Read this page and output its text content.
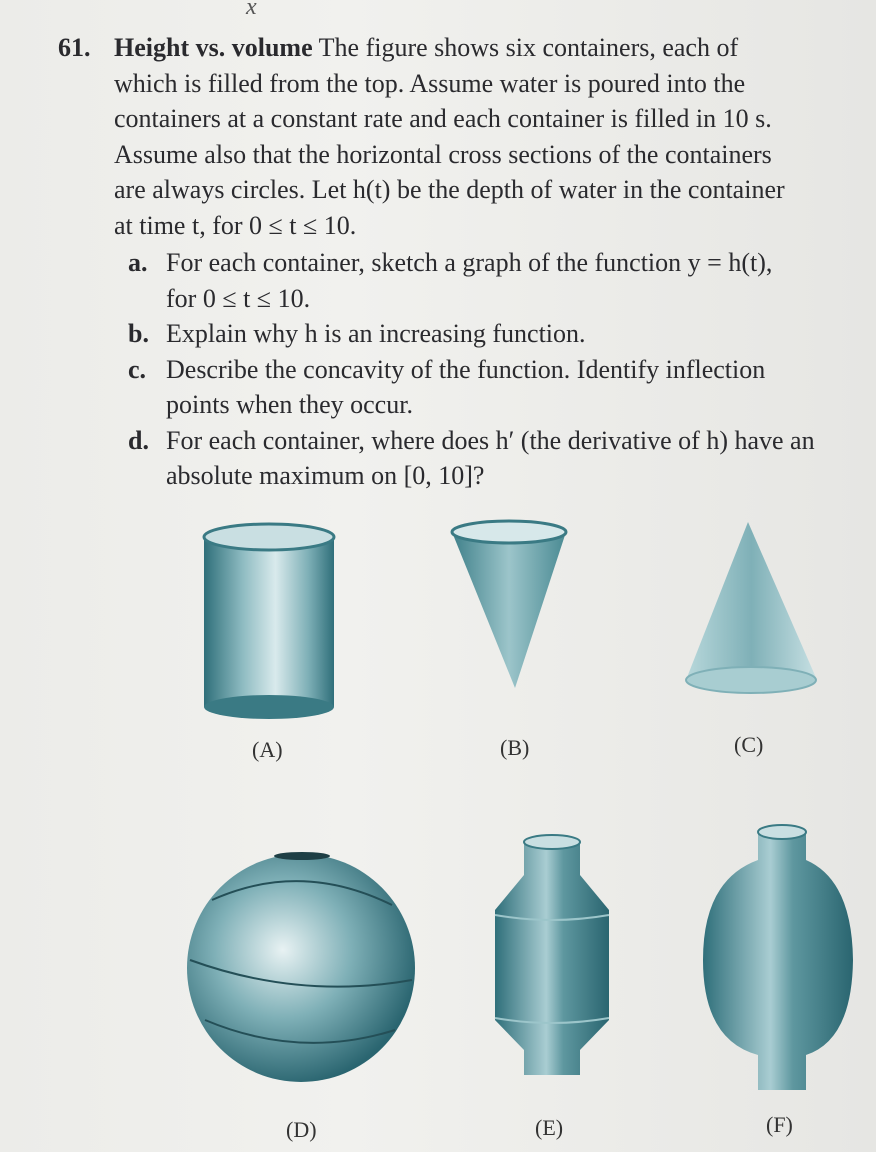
x
61. Height vs. volume The figure shows six containers, each of
which is filled from the top. Assume water is poured into the
containers at a constant rate and each container is filled in 10 s.
Assume also that the horizontal cross sections of the containers
are always circles. Let h(t) be the depth of water in the container
at time t, for 0 ≤ t ≤ 10.
a. For each container, sketch a graph of the function y = h(t),
for 0 ≤ t ≤ 10.
b. Explain why h is an increasing function.
c. Describe the concavity of the function. Identify inflection
points when they occur.
d. For each container, where does h′ (the derivative of h) have an
absolute maximum on [0, 10]?
(A)	(B)	(C)
(D)	(E)	(F)
